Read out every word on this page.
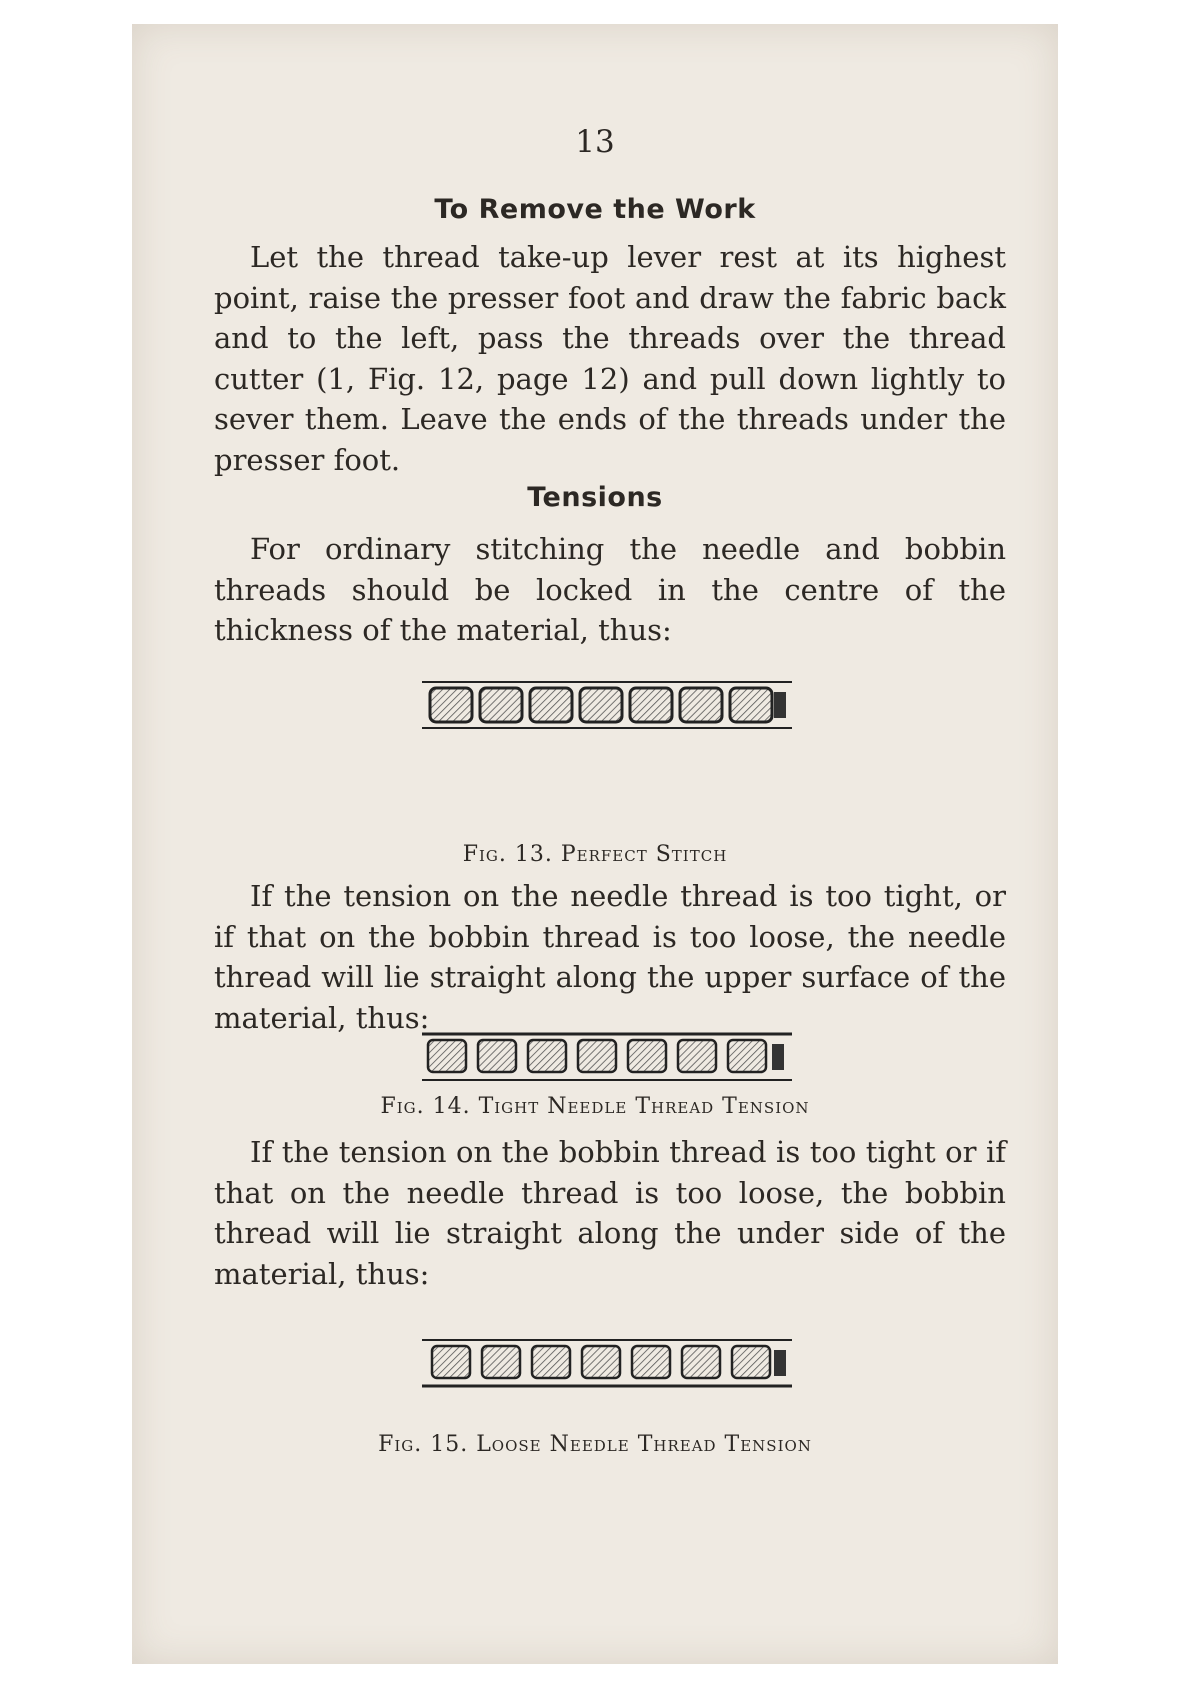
13
To Remove the Work

Let the thread take-up lever rest at its highest point, raise the presser foot and draw the fabric back and to the left, pass the threads over the thread cutter (1, Fig. 12, page 12) and pull down lightly to sever them. Leave the ends of the threads under the presser foot.

Tensions

For ordinary stitching the needle and bobbin threads should be locked in the centre of the thickness of the material, thus:

Fig. 13. Perfect Stitch

If the tension on the needle thread is too tight, or if that on the bobbin thread is too loose, the needle thread will lie straight along the upper surface of the material, thus:

Fig. 14. Tight Needle Thread Tension

If the tension on the bobbin thread is too tight or if that on the needle thread is too loose, the bobbin thread will lie straight along the under side of the material, thus:

Fig. 15. Loose Needle Thread Tension
